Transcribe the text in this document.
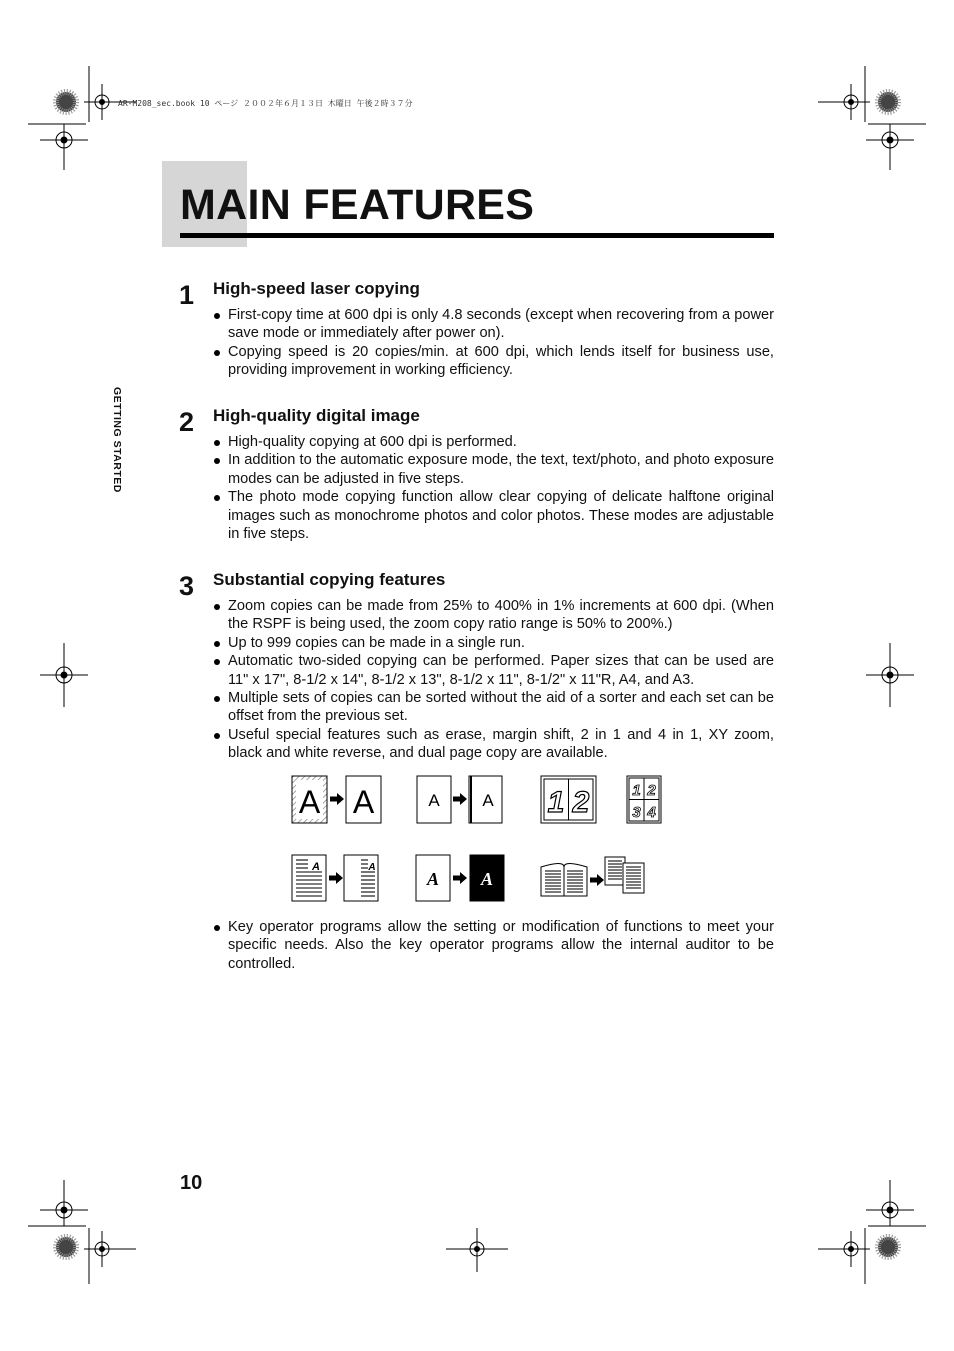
AR-M208_sec.book 10 ページ ２００２年６月１３日 木曜日 午後２時３７分
MAIN FEATURES
GETTING STARTED
1 High-speed laser copying
First-copy time at 600 dpi is only 4.8 seconds (except when recovering from a power save mode or immediately after power on).
Copying speed is 20 copies/min. at 600 dpi, which lends itself for business use, providing improvement in working efficiency.
2 High-quality digital image
High-quality copying at 600 dpi is performed.
In addition to the automatic exposure mode, the text, text/photo, and photo exposure modes can be adjusted in five steps.
The photo mode copying function allow clear copying of delicate halftone original images such as monochrome photos and color photos. These modes are adjustable in five steps.
3 Substantial copying features
Zoom copies can be made from 25% to 400% in 1% increments at 600 dpi. (When the RSPF is being used, the zoom copy ratio range is 50% to 200%.)
Up to 999 copies can be made in a single run.
Automatic two-sided copying can be performed. Paper sizes that can be used are 11" x 17", 8-1/2 x 14", 8-1/2 x 13", 8-1/2 x 11", 8-1/2" x 11"R, A4, and A3.
Multiple sets of copies can be sorted without the aid of a sorter and each set can be offset from the previous set.
Useful special features such as erase, margin shift, 2 in 1 and 4 in 1, XY zoom, black and white reverse, and dual page copy are available.
A A	A	A 1 2	1 2
3 4
A	A
A A
Key operator programs allow the setting or modification of functions to meet your specific needs. Also the key operator programs allow the internal auditor to be controlled.
10
